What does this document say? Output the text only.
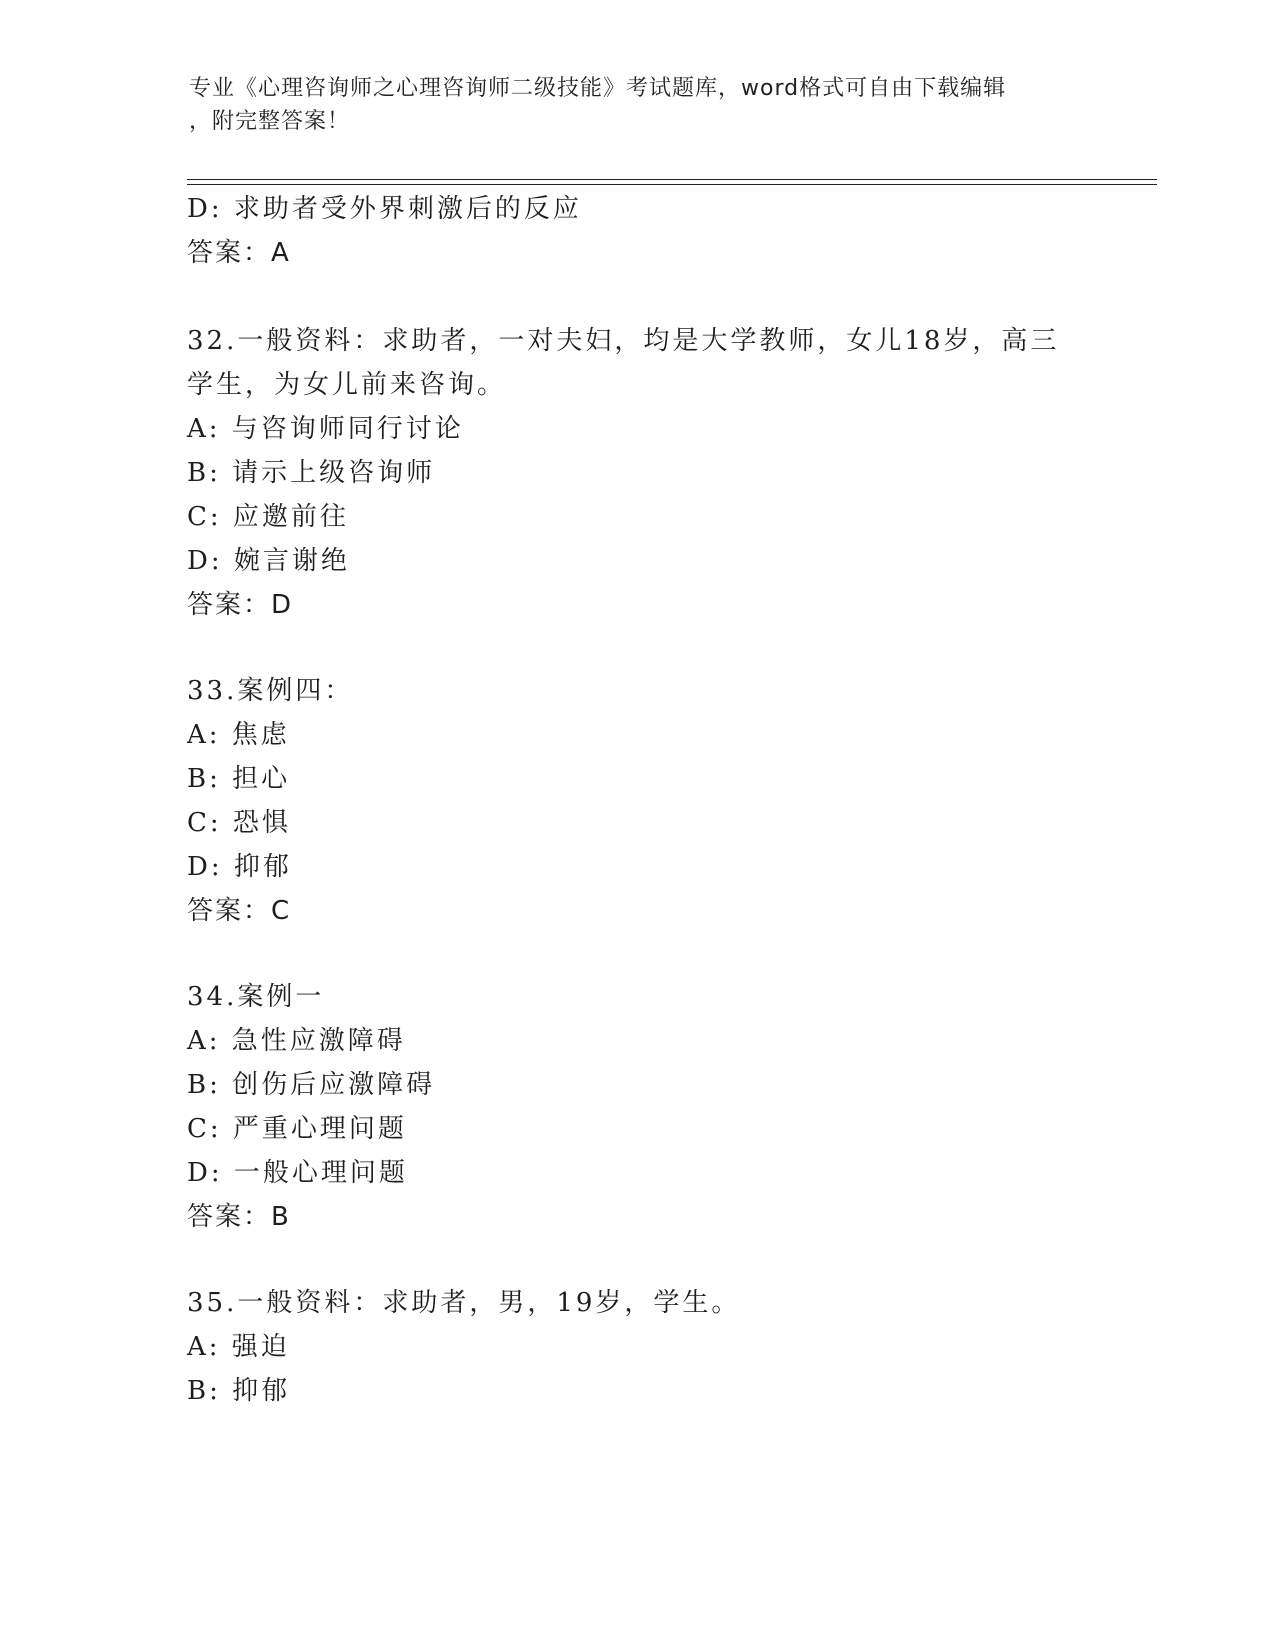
专业《心理咨询师之心理咨询师二级技能》考试题库，word格式可自由下载编辑
，附完整答案！
D: 求助者受外界刺激后的反应
答案：A
32.一般资料：求助者，一对夫妇，均是大学教师，女儿18岁，高三
学生，为女儿前来咨询。
A: 与咨询师同行讨论
B: 请示上级咨询师
C: 应邀前往
D: 婉言谢绝
答案：D
33.案例四：
A: 焦虑
B: 担心
C: 恐惧
D: 抑郁
答案：C
34.案例一
A: 急性应激障碍
B: 创伤后应激障碍
C: 严重心理问题
D: 一般心理问题
答案：B
35.一般资料：求助者，男，19岁，学生。
A: 强迫
B: 抑郁
